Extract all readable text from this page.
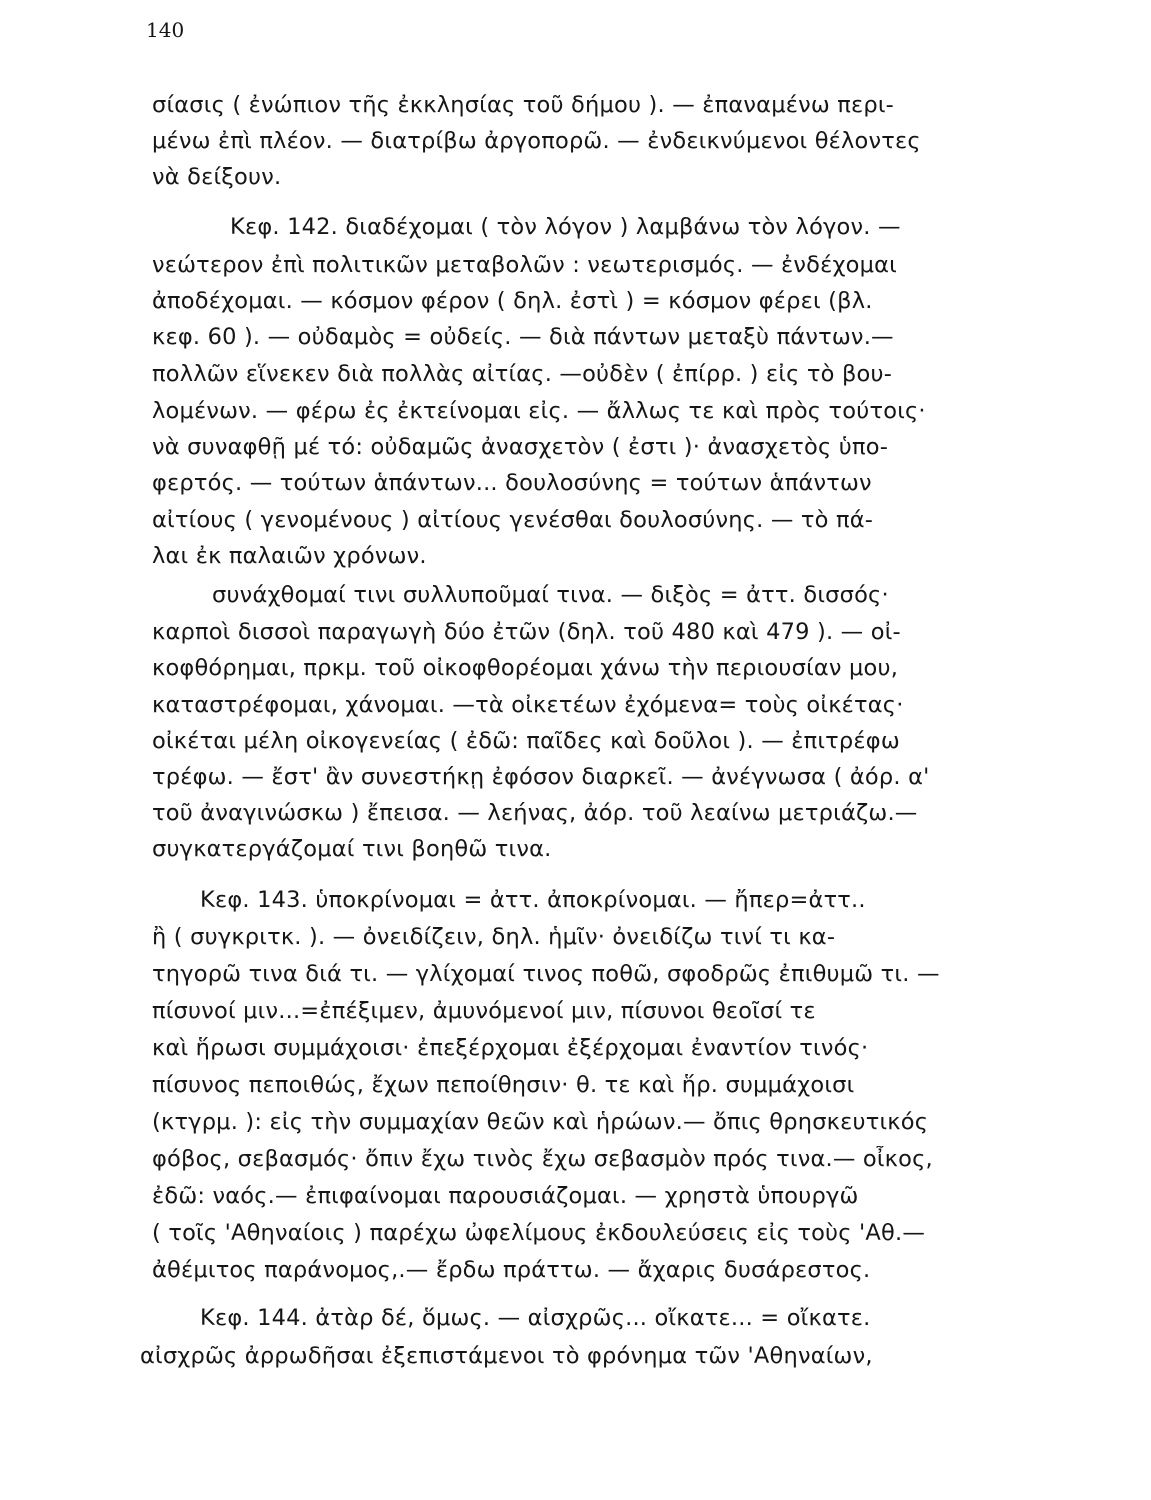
140
σίασις ( ἐνώπιον τῆς ἐκκλησίας τοῦ δήμου ). — ἐπαναμένω περι-
μένω ἐπὶ πλέον. — διατρίβω ἀργοπορῶ. — ἐνδεικνύμενοι θέλοντες
νὰ δείξουν.
Κεφ. 142. διαδέχομαι ( τὸν λόγον ) λαμβάνω τὸν λόγον. —
νεώτερον ἐπὶ πολιτικῶν μεταβολῶν : νεωτερισμός. — ἐνδέχομαι
ἀποδέχομαι. — κόσμον φέρον ( δηλ. ἐστὶ ) = κόσμον φέρει (βλ.
κεφ. 60 ). — οὐδαμὸς = οὐδείς. — διὰ πάντων μεταξὺ πάντων.—
πολλῶν εἵνεκεν διὰ πολλὰς αἰτίας. —οὐδὲν ( ἐπίρρ. ) εἰς τὸ βου-
λομένων. — φέρω ἐς ἐκτείνομαι εἰς. — ἄλλως τε καὶ πρὸς τούτοις·
νὰ συναφθῇ μέ τό: οὐδαμῶς ἀνασχετὸν ( ἐστι )· ἀνασχετὸς ὑπο-
φερτός. — τούτων ἁπάντων... δουλοσύνης = τούτων ἁπάντων
αἰτίους ( γενομένους ) αἰτίους γενέσθαι δουλοσύνης. — τὸ πά-
λαι ἐκ παλαιῶν χρόνων.
συνάχθομαί τινι συλλυποῦμαί τινα. — διξὸς = ἀττ. δισσός·
καρποὶ δισσοὶ παραγωγὴ δύο ἐτῶν (δηλ. τοῦ 480 καὶ 479 ). — οἰ-
κοφθόρημαι, πρκμ. τοῦ οἰκοφθορέομαι χάνω τὴν περιουσίαν μου,
καταστρέφομαι, χάνομαι. —τὰ οἰκετέων ἐχόμενα= τοὺς οἰκέτας·
οἰκέται μέλη οἰκογενείας ( ἐδῶ: παῖδες καὶ δοῦλοι ). — ἐπιτρέφω
τρέφω. — ἔστ' ἂν συνεστήκῃ ἐφόσον διαρκεῖ. — ἀνέγνωσα ( ἀόρ. α'
τοῦ ἀναγινώσκω ) ἔπεισα. — λεήνας, ἀόρ. τοῦ λεαίνω μετριάζω.—
συγκατεργάζομαί τινι βοηθῶ τινα.
Κεφ. 143. ὑποκρίνομαι = ἀττ. ἀποκρίνομαι. — ἤπερ=ἀττ..
ἢ ( συγκριτκ. ). — ὀνειδίζειν, δηλ. ἡμῖν· ὀνειδίζω τινί τι κα-
τηγορῶ τινα διά τι. — γλίχομαί τινος ποθῶ, σφοδρῶς ἐπιθυμῶ τι. —
πίσυνοί μιν...=ἐπέξιμεν, ἀμυνόμενοί μιν, πίσυνοι θεοῖσί τε
καὶ ἥρωσι συμμάχοισι· ἐπεξέρχομαι ἐξέρχομαι ἐναντίον τινός·
πίσυνος πεποιθώς, ἔχων πεποίθησιν· θ. τε καὶ ἥρ. συμμάχοισι
(κτγρμ. ): εἰς τὴν συμμαχίαν θεῶν καὶ ἡρώων.— ὄπις θρησκευτικός
φόβος, σεβασμός· ὄπιν ἔχω τινὸς ἔχω σεβασμὸν πρός τινα.— οἶκος,
ἐδῶ: ναός.— ἐπιφαίνομαι παρουσιάζομαι. — χρηστὰ ὑπουργῶ
( τοῖς 'Αθηναίοις ) παρέχω ὠφελίμους ἐκδουλεύσεις εἰς τοὺς 'Αθ.—
ἀθέμιτος παράνομος,.— ἔρδω πράττω. — ἄχαρις δυσάρεστος.
Κεφ. 144. ἀτὰρ δέ, ὅμως. — αἰσχρῶς... οἴκατε... = οἴκατε.
αἰσχρῶς ἀρρωδῆσαι ἐξεπιστάμενοι τὸ φρόνημα τῶν 'Αθηναίων,
